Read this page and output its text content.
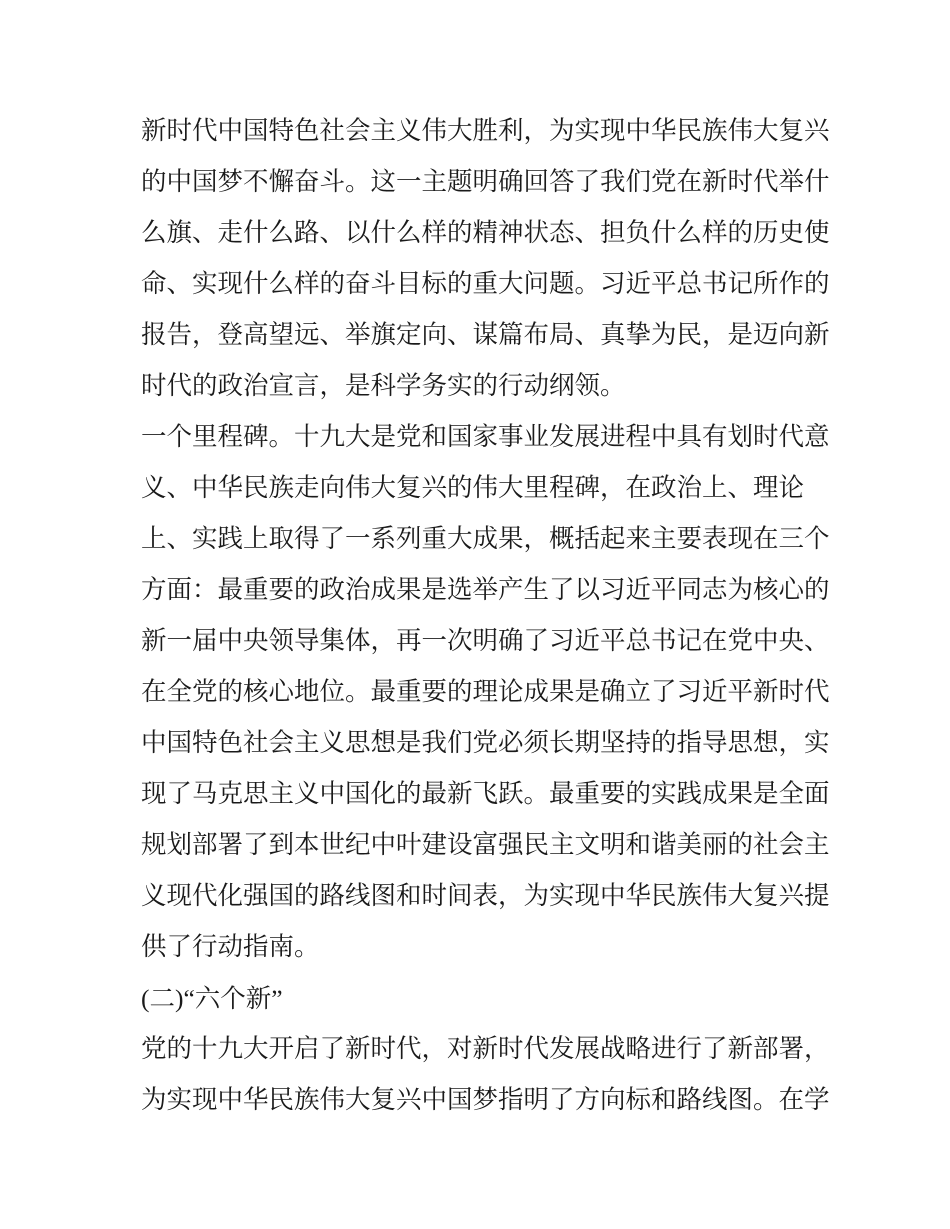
新时代中国特色社会主义伟大胜利，为实现中华民族伟大复兴
的中国梦不懈奋斗。这一主题明确回答了我们党在新时代举什
么旗、走什么路、以什么样的精神状态、担负什么样的历史使
命、实现什么样的奋斗目标的重大问题。习近平总书记所作的
报告，登高望远、举旗定向、谋篇布局、真挚为民，是迈向新
时代的政治宣言，是科学务实的行动纲领。
一个里程碑。十九大是党和国家事业发展进程中具有划时代意
义、中华民族走向伟大复兴的伟大里程碑，在政治上、理论
上、实践上取得了一系列重大成果，概括起来主要表现在三个
方面：最重要的政治成果是选举产生了以习近平同志为核心的
新一届中央领导集体，再一次明确了习近平总书记在党中央、
在全党的核心地位。最重要的理论成果是确立了习近平新时代
中国特色社会主义思想是我们党必须长期坚持的指导思想，实
现了马克思主义中国化的最新飞跃。最重要的实践成果是全面
规划部署了到本世纪中叶建设富强民主文明和谐美丽的社会主
义现代化强国的路线图和时间表，为实现中华民族伟大复兴提
供了行动指南。
(二)“六个新”
党的十九大开启了新时代，对新时代发展战略进行了新部署，
为实现中华民族伟大复兴中国梦指明了方向标和路线图。在学
